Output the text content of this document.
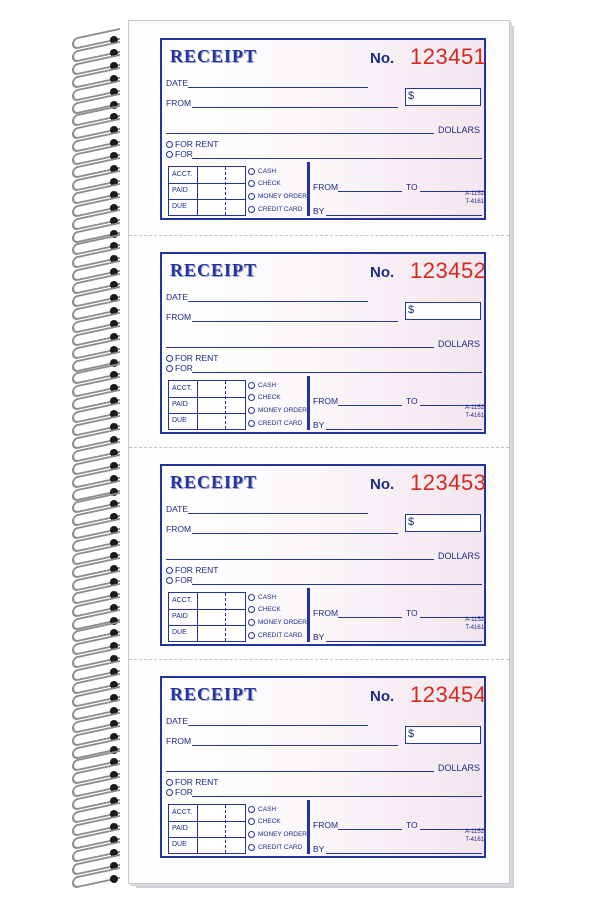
RECEIPT	No. 123451
DATE
FROM
$
DOLLARS
FOR RENT
FOR
ACCT.
PAID
DUE
CASH
CHECK
MONEY ORDER
CREDIT CARD
FROM	TO
BY
A-1152
T-4161
RECEIPT	No. 123452
DATE
FROM
$
DOLLARS
FOR RENT
FOR
ACCT.
PAID
DUE
CASH
CHECK
MONEY ORDER
CREDIT CARD
FROM	TO
BY
A-1152
T-4161
RECEIPT	No. 123453
DATE
FROM
$
DOLLARS
FOR RENT
FOR
ACCT.
PAID
DUE
CASH
CHECK
MONEY ORDER
CREDIT CARD
FROM	TO
BY
A-1152
T-4161
RECEIPT	No. 123454
DATE
FROM
$
DOLLARS
FOR RENT
FOR
ACCT.
PAID
DUE
CASH
CHECK
MONEY ORDER
CREDIT CARD
FROM	TO
BY
A-1152
T-4161
